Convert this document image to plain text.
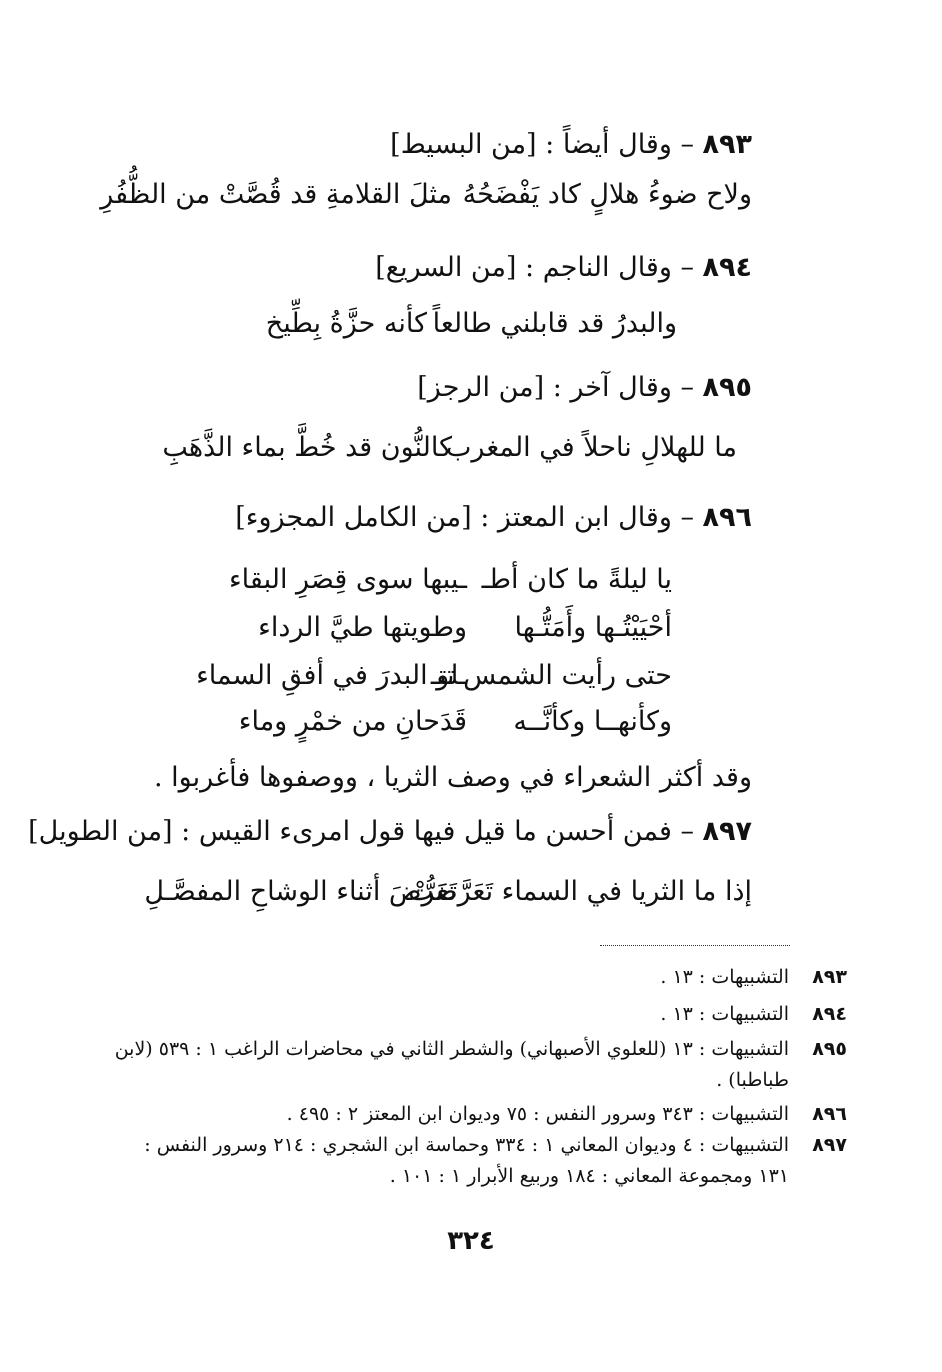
٨٩٣ – وقال أيضاً : [من البسيط]
ولاح ضوءُ هلالٍ كاد يَفْضَحُهُ
مثلَ القلامةِ قد قُصَّتْ من الظُّفُرِ
٨٩٤ – وقال الناجم : [من السريع]
والبدرُ قد قابلني طالعاً
كأنه حزَّةُ بِطِّيخ
٨٩٥ – وقال آخر : [من الرجز]
ما للهلالِ ناحلاً في المغرب
كالنُّون قد خُطَّ بماء الذَّهَبِ
٨٩٦ – وقال ابن المعتز : [من الكامل المجزوء]
يا ليلةً ما كان أطـ
ـيبها سوى قِصَرِ البقاء
أحْيَيْتُـها وأَمَتُّـها
وطويتها طيَّ الرداء
حتى رأيت الشمس تتـ
ـلو البدرَ في أفقِ السماء
وكأنهــا وكأنَّــه
قَدَحانِ من خمْرٍ وماء
وقد أكثر الشعراء في وصف الثريا ، ووصفوها فأغربوا .
٨٩٧ – فمن أحسن ما قيل فيها قول امرىء القيس : [من الطويل]
إذا ما الثريا في السماء تَعَرَّضَتْ
تَعَرُّضَ أثناء الوشاحِ المفصَّـلِ
٨٩٣
التشبيهات : ١٣ .
٨٩٤
التشبيهات : ١٣ .
٨٩٥
التشبيهات : ١٣ (للعلوي الأصبهاني) والشطر الثاني في محاضرات الراغب ١ : ٥٣٩ (لابن طباطبا) .
٨٩٦
التشبيهات : ٣٤٣ وسرور النفس : ٧٥ وديوان ابن المعتز ٢ : ٤٩٥ .
٨٩٧
التشبيهات : ٤ وديوان المعاني ١ : ٣٣٤ وحماسة ابن الشجري : ٢١٤ وسرور النفس : ١٣١ ومجموعة المعاني : ١٨٤ وربيع الأبرار ١ : ١٠١ .
٣٢٤
